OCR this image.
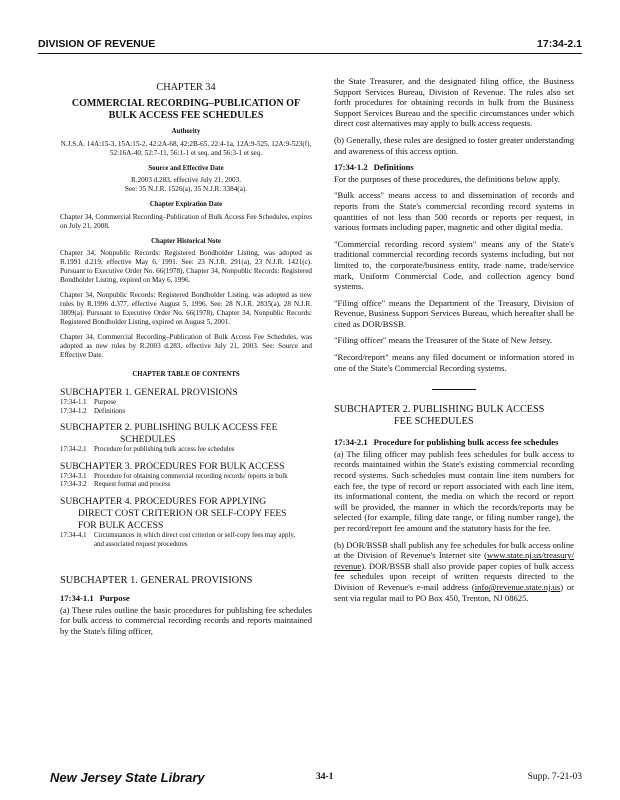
DIVISION OF REVENUE	17:34-2.1
CHAPTER 34
COMMERCIAL RECORDING–PUBLICATION OF BULK ACCESS FEE SCHEDULES
Authority

N.J.S.A. 14A:15-3, 15A:15-2, 42:2A-68, 42:2B-65, 22:4-1a, 12A:9-525, 12A:9-523(f), 52:16A-40, 52:7-11, 56:1-1 et seq. and 56:3-1 et seq.

Source and Effective Date
R.2003 d.283, effective July 21, 2003.

See: 35 N.J.R. 1526(a), 35 N.J.R. 3384(a).

Chapter Expiration Date

Chapter 34, Commercial Recording–Publication of Bulk Access Fee Schedules, expires on July 21, 2008.

Chapter Historical Note

Chapter 34, Nonpublic Records: Registered Bondholder Listing, was adopted as R.1991 d.219, effective May 6, 1991. See: 23 N.J.R. 291(a), 23 N.J.R. 1421(c). Pursuant to Executive Order No. 66(1978), Chapter 34, Nonpublic Records: Registered Bondholder Listing, expired on May 6, 1996.

Chapter 34, Nonpublic Records: Registered Bondholder Listing, was adopted as new rules by R.1996 d.377, effective August 5, 1996. See: 28 N.J.R. 2835(a), 28 N.J.R. 3809(a). Pursuant to Executive Order No. 66(1978), Chapter 34, Nonpublic Records: Registered Bondholder Listing, expired on August 5, 2001.

Chapter 34, Commercial Recording–Publication of Bulk Access Fee Schedules, was adopted as new rules by R.2003 d.283, effective July 21, 2003. See: Source and Effective Date.

CHAPTER TABLE OF CONTENTS
SUBCHAPTER 1. GENERAL PROVISIONS
17:34-1.1 Purpose
17:34-1.2 Definitions
SUBCHAPTER 2. PUBLISHING BULK ACCESS FEE
SCHEDULES
17:34-2.1 Procedure for publishing bulk access fee schedules
SUBCHAPTER 3. PROCEDURES FOR BULK ACCESS
17:34-3.1 Procedure for obtaining commercial recording records/ reports in bulk
17:34-3.2 Request format and process
SUBCHAPTER 4. PROCEDURES FOR APPLYING
DIRECT COST CRITERION OR SELF-COPY FEES
FOR BULK ACCESS
17:34-4.1 Circumstances in which direct cost criterion or self-copy fees may apply, and associated request procedures
SUBCHAPTER 1. GENERAL PROVISIONS
17:34-1.1 Purpose

(a) These rules outline the basic procedures for publishing fee schedules for bulk access to commercial recording records and reports maintained by the State's filing officer,

the State Treasurer, and the designated filing office, the Business Support Services Bureau, Division of Revenue. The rules also set forth procedures for obtaining records in bulk from the Business Support Services Bureau and the specific circumstances under which direct cost alternatives may apply to bulk access requests.

(b) Generally, these rules are designed to foster greater understanding and awareness of this access option.

17:34-1.2 Definitions

For the purposes of these procedures, the definitions below apply.

"Bulk access" means access to and dissemination of records and reports from the State's commercial recording record systems in quantities of not less than 500 records or reports per request, in various formats including paper, magnetic and other digital media.

"Commercial recording record system" means any of the State's traditional commercial recording records systems including, but not limited to, the corporate/business entity, trade name, trade/service mark, Uniform Commercial Code, and collection agency bond systems.

"Filing office" means the Department of the Treasury, Division of Revenue, Business Support Services Bureau, which hereafter shall be cited as DOR/BSSB.

"Filing officer" means the Treasurer of the State of New Jersey.

"Record/report" means any filed document or information stored in one of the State's Commercial Recording systems.

SUBCHAPTER 2. PUBLISHING BULK ACCESS
FEE SCHEDULES
17:34-2.1 Procedure for publishing bulk access fee schedules

(a) The filing officer may publish fees schedules for bulk access to records maintained within the State's existing commercial recording record systems. Such schedules must contain line item numbers for each fee, the type of record or report associated with each line item, its informational content, the media on which the record or report will be provided, the manner in which the records/reports may be selected (for example, filing date range, or filing number range), the per record/report fee amount and the statutory basis for the fee.

(b) DOR/BSSB shall publish any fee schedules for bulk access online at the Division of Revenue's Internet site (www.state.nj.us/treasury/ revenue). DOR/BSSB shall also provide paper copies of bulk access fee schedules upon receipt of written requests directed to the Division of Revenue's e-mail address (info@revenue.state.nj.us) or sent via regular mail to PO Box 450, Trenton, NJ 08625.

New Jersey State Library	34-1	Supp. 7-21-03
